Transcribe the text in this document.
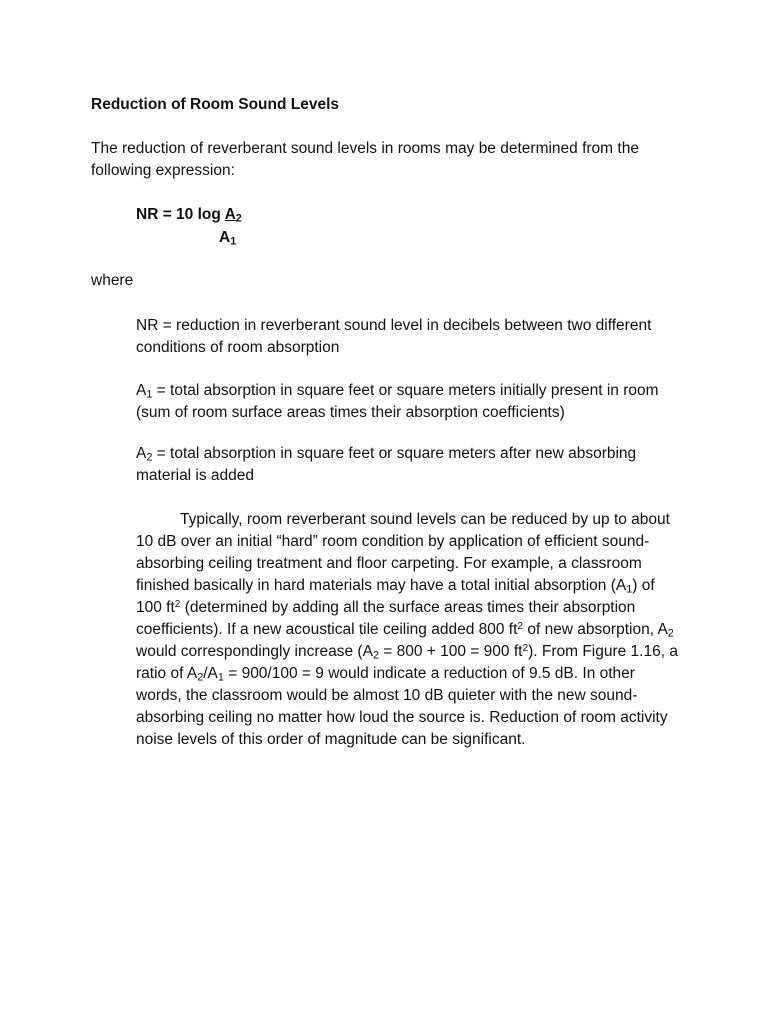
Reduction of Room Sound Levels

The reduction of reverberant sound levels in rooms may be determined from the following expression:

NR = 10 $\log A_2$

$A_1$

where

NR = reduction in reverberant sound level in decibels between two different conditions of room absorption

$A_1$ = total absorption in square feet or square meters initially present in room (sum of room surface areas times their absorption coefficients)

$A_2$ = total absorption in square feet or square meters after new absorbing material is added

Typically, room reverberant sound levels can be reduced by up to about 10 dB over an initial “hard” room condition by application of efficient sound-absorbing ceiling treatment and floor carpeting. For example, a classroom finished basically in hard materials may have a total initial absorption $(A_1)$ of 100 $ft^2$ (determined by adding all the surface areas times their absorption coefficients). If a new acoustical tile ceiling added 800 $ft^2$ of new absorption, $A_2$ would correspondingly increase ($A_2 = 800 + 100 = 900$ $ft^2$). From Figure 1.16, a ratio of $A_2/A_1 = 900/100 = 9$ would indicate a reduction of 9.5 dB. In other words, the classroom would be almost 10 dB quieter with the new sound-absorbing ceiling no matter how loud the source is. Reduction of room activity noise levels of this order of magnitude can be significant.
